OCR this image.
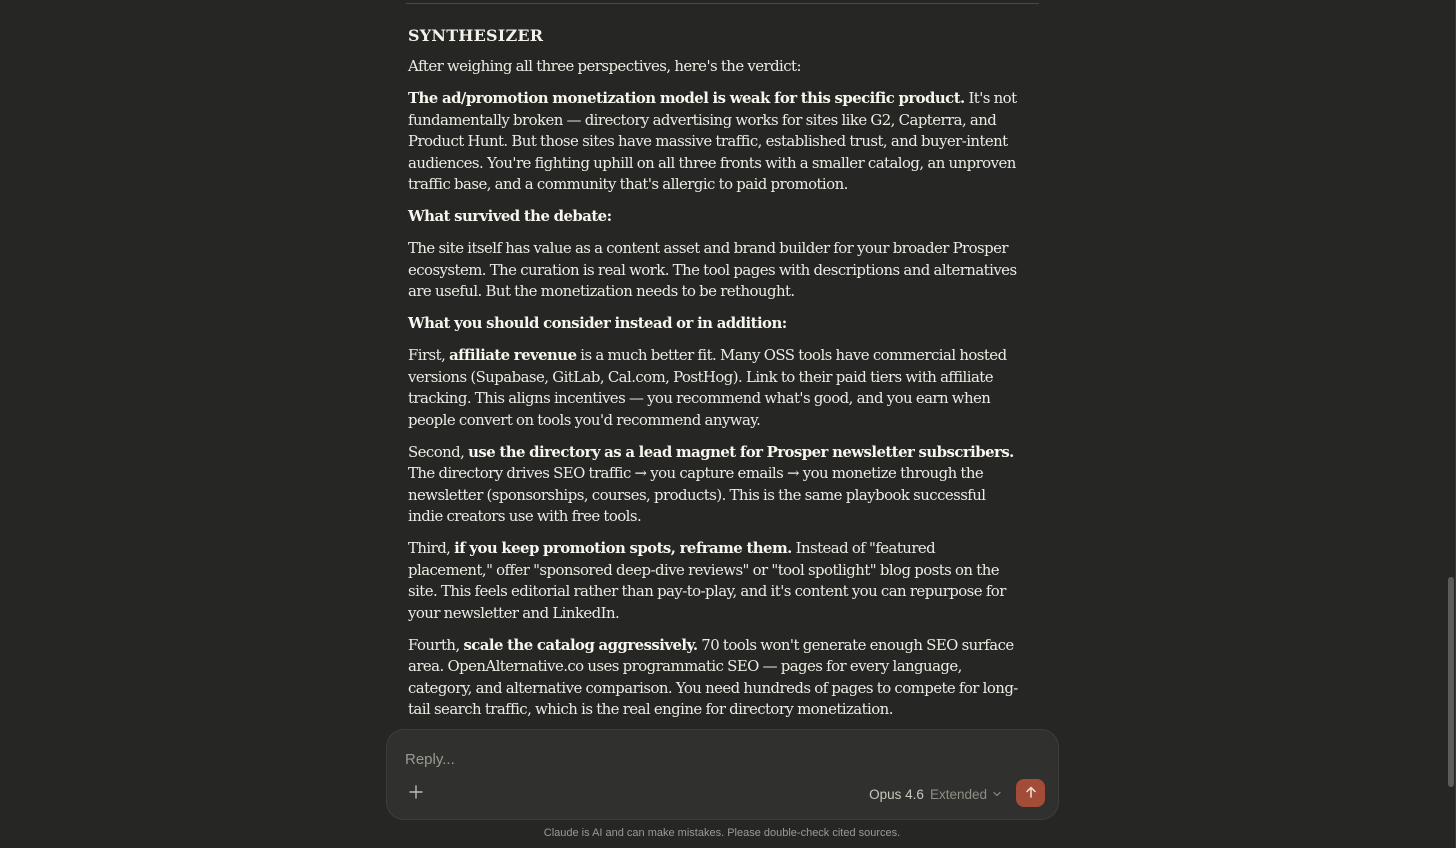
SYNTHESIZER

After weighing all three perspectives, here's the verdict:

The ad/promotion monetization model is weak for this specific product. It's not fundamentally broken — directory advertising works for sites like G2, Capterra, and Product Hunt. But those sites have massive traffic, established trust, and buyer-intent audiences. You're fighting uphill on all three fronts with a smaller catalog, an unproven traffic base, and a community that's allergic to paid promotion.

What survived the debate:

The site itself has value as a content asset and brand builder for your broader Prosper ecosystem. The curation is real work. The tool pages with descriptions and alternatives are useful. But the monetization needs to be rethought.

What you should consider instead or in addition:

First, affiliate revenue is a much better fit. Many OSS tools have commercial hosted versions (Supabase, GitLab, Cal.com, PostHog). Link to their paid tiers with affiliate tracking. This aligns incentives — you recommend what's good, and you earn when people convert on tools you'd recommend anyway.

Second, use the directory as a lead magnet for Prosper newsletter subscribers. The directory drives SEO traffic → you capture emails → you monetize through the newsletter (sponsorships, courses, products). This is the same playbook successful indie creators use with free tools.

Third, if you keep promotion spots, reframe them. Instead of "featured placement," offer "sponsored deep-dive reviews" or "tool spotlight" blog posts on the site. This feels editorial rather than pay-to-play, and it's content you can repurpose for your newsletter and LinkedIn.

Fourth, scale the catalog aggressively. 70 tools won't generate enough SEO surface area. OpenAlternative.co uses programmatic SEO — pages for every language, category, and alternative comparison. You need hundreds of pages to compete for long-tail search traffic, which is the real engine for directory monetization.

Reply...
Opus 4.6 Extended
Claude is AI and can make mistakes. Please double-check cited sources.
